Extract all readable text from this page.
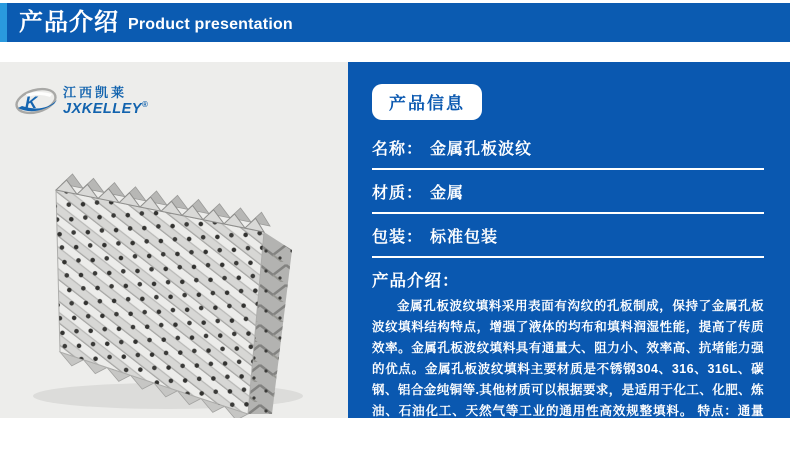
产品介绍 Product presentation
K
江西凯莱
JXKELLEY®	产品信息
名称： 金属孔板波纹
材质： 金属
包装： 标准包装
产品介绍：

金属孔板波纹填料采用表面有沟纹的孔板制成，保持了金属孔板波纹填料结构特点，增强了液体的均布和填料润湿性能，提高了传质效率。金属孔板波纹填料具有通量大、阻力小、效率高、抗堵能力强的优点。金属孔板波纹填料主要材质是不锈钢304、316、316L、碳钢、铝合金纯铜等.其他材质可以根据要求，是适用于化工、化肥、炼油、石油化工、天然气等工业的通用性高效规整填料。 特点：通量大，阻力小，效率高 。在精馏、吸收、萃取等单元操作中广泛应用。
